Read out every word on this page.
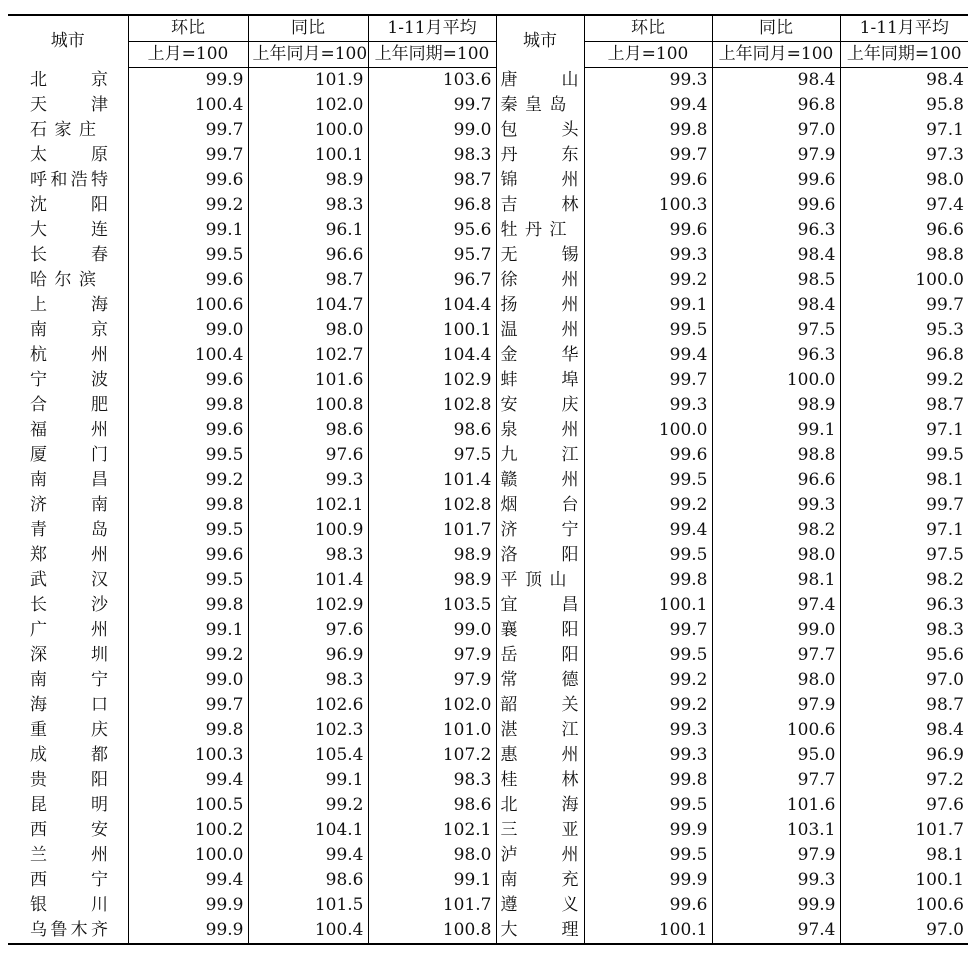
城市	环比	同比	1-11月平均	城市	环比	同比	1-11月平均
	上月=100	上年同月=100	上年同期=100		上月=100	上年同月=100	上年同期=100
北京	99.9	101.9	103.6	唐山	99.3	98.4	98.4
天津	100.4	102.0	99.7	秦皇岛	99.4	96.8	95.8
石家庄	99.7	100.0	99.0	包头	99.8	97.0	97.1
太原	99.7	100.1	98.3	丹东	99.7	97.9	97.3
呼和浩特	99.6	98.9	98.7	锦州	99.6	99.6	98.0
沈阳	99.2	98.3	96.8	吉林	100.3	99.6	97.4
大连	99.1	96.1	95.6	牡丹江	99.6	96.3	96.6
长春	99.5	96.6	95.7	无锡	99.3	98.4	98.8
哈尔滨	99.6	98.7	96.7	徐州	99.2	98.5	100.0
上海	100.6	104.7	104.4	扬州	99.1	98.4	99.7
南京	99.0	98.0	100.1	温州	99.5	97.5	95.3
杭州	100.4	102.7	104.4	金华	99.4	96.3	96.8
宁波	99.6	101.6	102.9	蚌埠	99.7	100.0	99.2
合肥	99.8	100.8	102.8	安庆	99.3	98.9	98.7
福州	99.6	98.6	98.6	泉州	100.0	99.1	97.1
厦门	99.5	97.6	97.5	九江	99.6	98.8	99.5
南昌	99.2	99.3	101.4	赣州	99.5	96.6	98.1
济南	99.8	102.1	102.8	烟台	99.2	99.3	99.7
青岛	99.5	100.9	101.7	济宁	99.4	98.2	97.1
郑州	99.6	98.3	98.9	洛阳	99.5	98.0	97.5
武汉	99.5	101.4	98.9	平顶山	99.8	98.1	98.2
长沙	99.8	102.9	103.5	宜昌	100.1	97.4	96.3
广州	99.1	97.6	99.0	襄阳	99.7	99.0	98.3
深圳	99.2	96.9	97.9	岳阳	99.5	97.7	95.6
南宁	99.0	98.3	97.9	常德	99.2	98.0	97.0
海口	99.7	102.6	102.0	韶关	99.2	97.9	98.7
重庆	99.8	102.3	101.0	湛江	99.3	100.6	98.4
成都	100.3	105.4	107.2	惠州	99.3	95.0	96.9
贵阳	99.4	99.1	98.3	桂林	99.8	97.7	97.2
昆明	100.5	99.2	98.6	北海	99.5	101.6	97.6
西安	100.2	104.1	102.1	三亚	99.9	103.1	101.7
兰州	100.0	99.4	98.0	泸州	99.5	97.9	98.1
西宁	99.4	98.6	99.1	南充	99.9	99.3	100.1
银川	99.9	101.5	101.7	遵义	99.6	99.9	100.6
乌鲁木齐	99.9	100.4	100.8	大理	100.1	97.4	97.0
